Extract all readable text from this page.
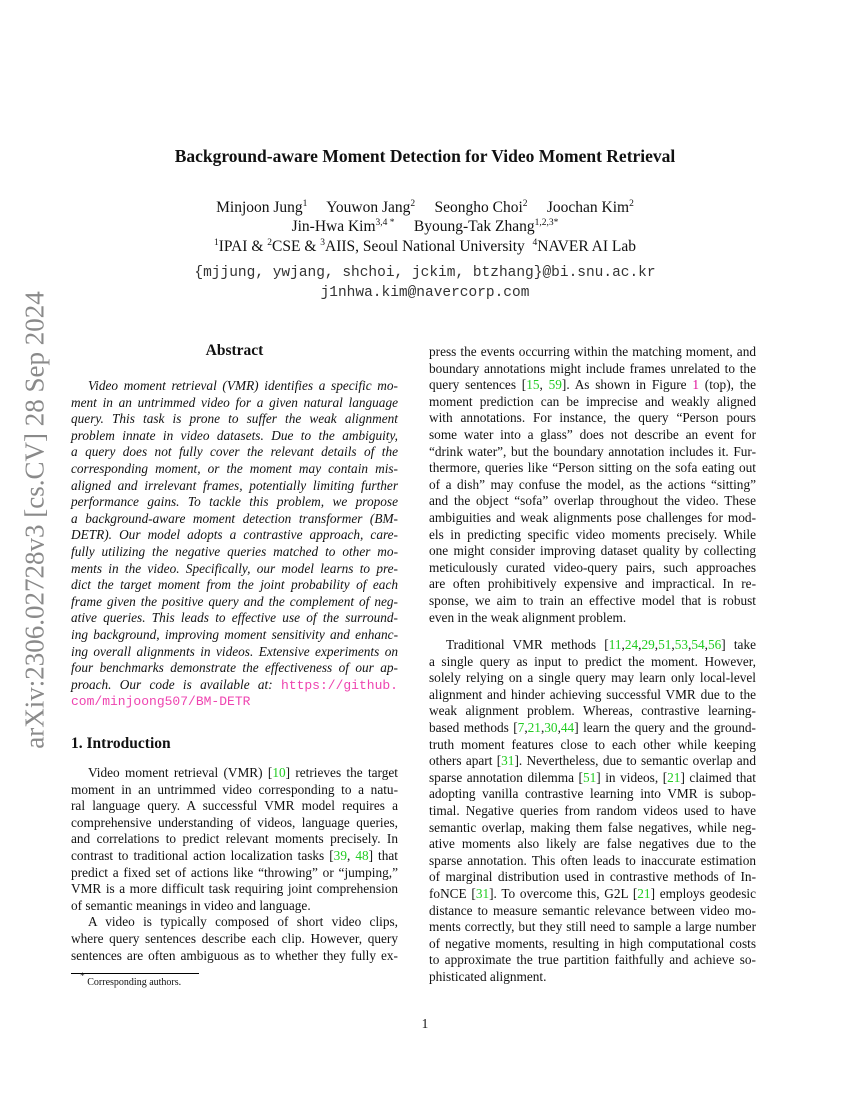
arXiv:2306.02728v3 [cs.CV] 28 Sep 2024
Background-aware Moment Detection for Video Moment Retrieval
Minjoon Jung$^1$  Youwon Jang$^2$  Seongho Choi$^2$  Joochan Kim$^2$
Jin-Hwa Kim$^{3,4 *}$  Byoung-Tak Zhang$^{1,2,3*}$
$^1$IPAI & $^2$CSE & $^3$AIIS, Seoul National University  $^4$NAVER AI Lab
{mjjung, ywjang, shchoi, jckim, btzhang}@bi.snu.ac.kr
j1nhwa.kim@navercorp.com
Abstract
Video moment retrieval (VMR) identifies a specific mo-
ment in an untrimmed video for a given natural language
query. This task is prone to suffer the weak alignment
problem innate in video datasets. Due to the ambiguity,
a query does not fully cover the relevant details of the
corresponding moment, or the moment may contain mis-
aligned and irrelevant frames, potentially limiting further
performance gains. To tackle this problem, we propose
a background-aware moment detection transformer (BM-
DETR). Our model adopts a contrastive approach, care-
fully utilizing the negative queries matched to other mo-
ments in the video. Specifically, our model learns to pre-
dict the target moment from the joint probability of each
frame given the positive query and the complement of neg-
ative queries. This leads to effective use of the surround-
ing background, improving moment sensitivity and enhanc-
ing overall alignments in videos. Extensive experiments on
four benchmarks demonstrate the effectiveness of our ap-
proach. Our code is available at: https://github.
com/minjoong507/BM-DETR
1. Introduction
Video moment retrieval (VMR) [10] retrieves the target
moment in an untrimmed video corresponding to a natu-
ral language query. A successful VMR model requires a
comprehensive understanding of videos, language queries,
and correlations to predict relevant moments precisely. In
contrast to traditional action localization tasks [39, 48] that
predict a fixed set of actions like “throwing” or “jumping,”
VMR is a more difficult task requiring joint comprehension
of semantic meanings in video and language.
A video is typically composed of short video clips,
where query sentences describe each clip. However, query
sentences are often ambiguous as to whether they fully ex-
* Corresponding authors.
press the events occurring within the matching moment, and
boundary annotations might include frames unrelated to the
query sentences [15, 59]. As shown in Figure 1 (top), the
moment prediction can be imprecise and weakly aligned
with annotations. For instance, the query “Person pours
some water into a glass” does not describe an event for
“drink water”, but the boundary annotation includes it. Fur-
thermore, queries like “Person sitting on the sofa eating out
of a dish” may confuse the model, as the actions “sitting”
and the object “sofa” overlap throughout the video. These
ambiguities and weak alignments pose challenges for mod-
els in predicting specific video moments precisely. While
one might consider improving dataset quality by collecting
meticulously curated video-query pairs, such approaches
are often prohibitively expensive and impractical. In re-
sponse, we aim to train an effective model that is robust
even in the weak alignment problem.
Traditional VMR methods [11,24,29,51,53,54,56] take
a single query as input to predict the moment. However,
solely relying on a single query may learn only local-level
alignment and hinder achieving successful VMR due to the
weak alignment problem. Whereas, contrastive learning-
based methods [7,21,30,44] learn the query and the ground-
truth moment features close to each other while keeping
others apart [31]. Nevertheless, due to semantic overlap and
sparse annotation dilemma [51] in videos, [21] claimed that
adopting vanilla contrastive learning into VMR is subop-
timal. Negative queries from random videos used to have
semantic overlap, making them false negatives, while neg-
ative moments also likely are false negatives due to the
sparse annotation. This often leads to inaccurate estimation
of marginal distribution used in contrastive methods of In-
foNCE [31]. To overcome this, G2L [21] employs geodesic
distance to measure semantic relevance between video mo-
ments correctly, but they still need to sample a large number
of negative moments, resulting in high computational costs
to approximate the true partition faithfully and achieve so-
phisticated alignment.
1
